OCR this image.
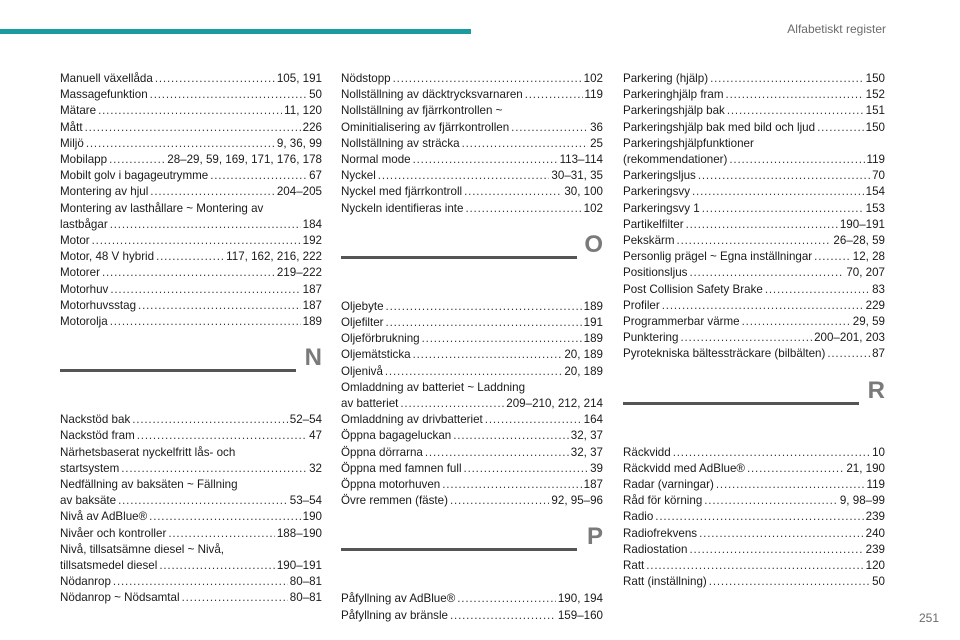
Alfabetiskt register
Manuell växellåda . . .	105, 191
Massagefunktion . . .	50
Mätare . . .	11, 120
Mått . . .	226
Miljö . . .	9, 36, 99
Mobilapp . . .	28–29, 59, 169, 171, 176, 178
Mobilt golv i bagageutrymme . . .	67
Montering av hjul . . .	204–205
Montering av lasthållare ~ Montering av
lastbågar . . .	184
Motor . . .	192
Motor, 48 V hybrid . . .	117, 162, 216, 222
Motorer . . .	219–222
Motorhuv . . .	187
Motorhuvsstag . . .	187
Motorolja . . .	189
N
Nackstöd bak . . .	52–54
Nackstöd fram . . .	47
Närhetsbaserat nyckelfritt lås- och
startsystem . . .	32
Nedfällning av baksäten ~ Fällning
av baksäte . . .	53–54
Nivå av AdBlue® . . .	190
Nivåer och kontroller . . .	188–190
Nivå, tillsatsämne diesel ~ Nivå,
tillsatsmedel diesel . . .	190–191
Nödanrop . . .	80–81
Nödanrop ~ Nödsamtal . . .	80–81
Nödstopp . . .	102
Nollställning av däcktrycksvarnaren . . .	119
Nollställning av fjärrkontrollen ~
Ominitialisering av fjärrkontrollen . . .	36
Nollställning av sträcka . . .	25
Normal mode . . .	113–114
Nyckel . . .	30–31, 35
Nyckel med fjärrkontroll . . .	30, 100
Nyckeln identifieras inte . . .	102
O
Oljebyte . . .	189
Oljefilter . . .	191
Oljeförbrukning . . .	189
Oljemätsticka . . .	20, 189
Oljenivå . . .	20, 189
Omladdning av batteriet ~ Laddning
av batteriet . . .	209–210, 212, 214
Omladdning av drivbatteriet . . .	164
Öppna bagageluckan . . .	32, 37
Öppna dörrarna . . .	32, 37
Öppna med famnen full . . .	39
Öppna motorhuven . . .	187
Övre remmen (fäste) . . .	92, 95–96
P
Påfyllning av AdBlue® . . .	190, 194
Påfyllning av bränsle . . .	159–160
Parkering (hjälp) . . .	150
Parkeringhjälp fram . . .	152
Parkeringshjälp bak . . .	151
Parkeringshjälp bak med bild och ljud . . .	150
Parkeringshjälpfunktioner
(rekommendationer) . . .	119
Parkeringsljus . . .	70
Parkeringsvy . . .	154
Parkeringsvy 1 . . .	153
Partikelfilter . . .	190–191
Pekskärm . . .	26–28, 59
Personlig prägel ~ Egna inställningar . . .	12, 28
Positionsljus . . .	70, 207
Post Collision Safety Brake . . .	83
Profiler . . .	229
Programmerbar värme . . .	29, 59
Punktering . . .	200–201, 203
Pyrotekniska bältessträckare (bilbälten) . . .	87
R
Räckvidd . . .	10
Räckvidd med AdBlue® . . .	21, 190
Radar (varningar) . . .	119
Råd för körning . . .	9, 98–99
Radio . . .	239
Radiofrekvens . . .	240
Radiostation . . .	239
Ratt . . .	120
Ratt (inställning) . . .	50
251
